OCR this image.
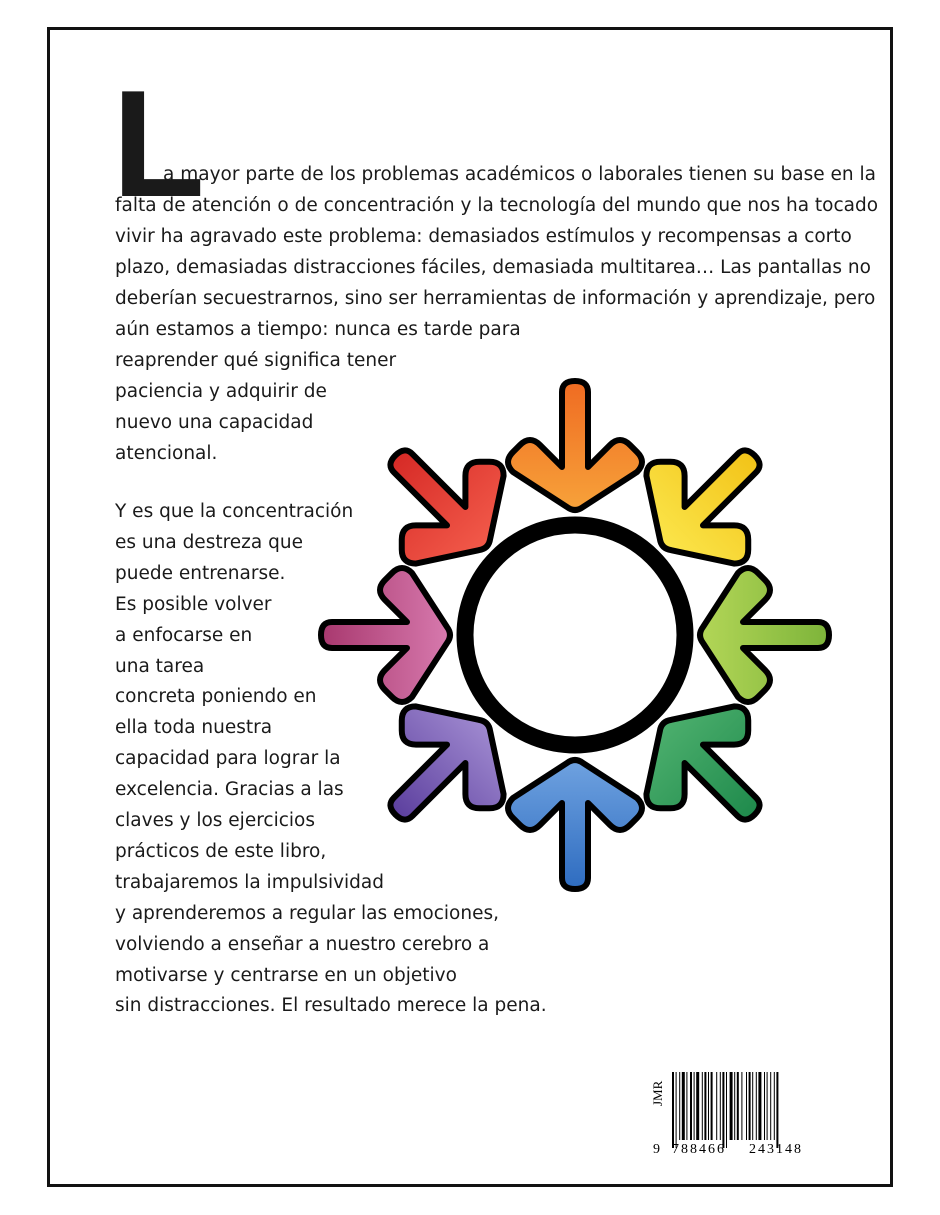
L
a mayor parte de los problemas académicos o laborales tienen su base en la
falta de atención o de concentración y la tecnología del mundo que nos ha tocado
vivir ha agravado este problema: demasiados estímulos y recompensas a corto
plazo, demasiadas distracciones fáciles, demasiada multitarea… Las pantallas no
deberían secuestrarnos, sino ser herramientas de información y aprendizaje, pero
aún estamos a tiempo: nunca es tarde para
reaprender qué significa tener
paciencia y adquirir de
nuevo una capacidad
atencional.
Y es que la concentración
es una destreza que
puede entrenarse.
Es posible volver
a enfocarse en
una tarea
concreta poniendo en
ella toda nuestra
capacidad para lograr la
excelencia. Gracias a las
claves y los ejercicios
prácticos de este libro,
trabajaremos la impulsividad
y aprenderemos a regular las emociones,
volviendo a enseñar a nuestro cerebro a
motivarse y centrarse en un objetivo
sin distracciones. El resultado merece la pena.
JMR
9 788466 243148
